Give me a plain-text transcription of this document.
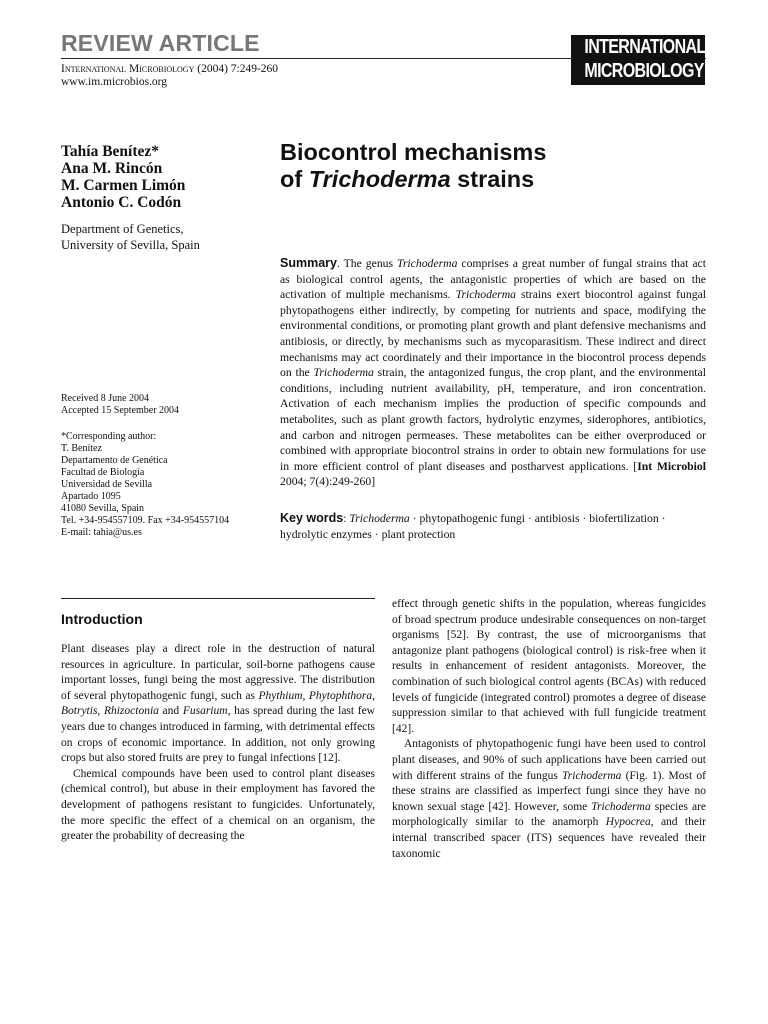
REVIEW ARTICLE
International Microbiology (2004) 7:249-260
www.im.microbios.org
INTERNATIONAL
MICROBIOLOGY
Tahía Benítez*
Ana M. Rincón
M. Carmen Limón
Antonio C. Codón
Department of Genetics,
University of Sevilla, Spain
Received 8 June 2004
Accepted 15 September 2004
*Corresponding author:
T. Benítez
Departamento de Genética
Facultad de Biología
Universidad de Sevilla
Apartado 1095
41080 Sevilla, Spain
Tel. +34-954557109. Fax +34-954557104
E-mail: tahia@us.es
Biocontrol mechanisms
of Trichoderma strains
Summary. The genus Trichoderma comprises a great number of fungal strains that act as biological control agents, the antagonistic properties of which are based on the activation of multiple mechanisms. Trichoderma strains exert biocontrol against fungal phytopathogens either indirectly, by competing for nutrients and space, modifying the environmental conditions, or promoting plant growth and plant defensive mechanisms and antibiosis, or directly, by mechanisms such as mycoparasitism. These indirect and direct mechanisms may act coordinately and their importance in the biocontrol process depends on the Trichoderma strain, the antagonized fungus, the crop plant, and the environmental conditions, including nutrient availability, pH, temperature, and iron concentration. Activation of each mechanism implies the production of specific compounds and metabolites, such as plant growth factors, hydrolytic enzymes, siderophores, antibiotics, and carbon and nitrogen permeases. These metabolites can be either overproduced or combined with appropriate biocontrol strains in order to obtain new formulations for use in more efficient control of plant diseases and postharvest applications. [Int Microbiol 2004; 7(4):249-260]
Key words: Trichoderma · phytopathogenic fungi · antibiosis · biofertilization · hydrolytic enzymes · plant protection
Introduction

Plant diseases play a direct role in the destruction of natural resources in agriculture. In particular, soil-borne pathogens cause important losses, fungi being the most aggressive. The distribution of several phytopathogenic fungi, such as Phythium, Phytophthora, Botrytis, Rhizoctonia and Fusarium, has spread during the last few years due to changes introduced in farming, with detrimental effects on crops of economic importance. In addition, not only growing crops but also stored fruits are prey to fungal infections [12].

Chemical compounds have been used to control plant diseases (chemical control), but abuse in their employment has favored the development of pathogens resistant to fungicides. Unfortunately, the more specific the effect of a chemical on an organism, the greater the probability of decreasing the

effect through genetic shifts in the population, whereas fungicides of broad spectrum produce undesirable consequences on non-target organisms [52]. By contrast, the use of microorganisms that antagonize plant pathogens (biological control) is risk-free when it results in enhancement of resident antagonists. Moreover, the combination of such biological control agents (BCAs) with reduced levels of fungicide (integrated control) promotes a degree of disease suppression similar to that achieved with full fungicide treatment [42].

Antagonists of phytopathogenic fungi have been used to control plant diseases, and 90% of such applications have been carried out with different strains of the fungus Trichoderma (Fig. 1). Most of these strains are classified as imperfect fungi since they have no known sexual stage [42]. However, some Trichoderma species are morphologically similar to the anamorph Hypocrea, and their internal transcribed spacer (ITS) sequences have revealed their taxonomic
